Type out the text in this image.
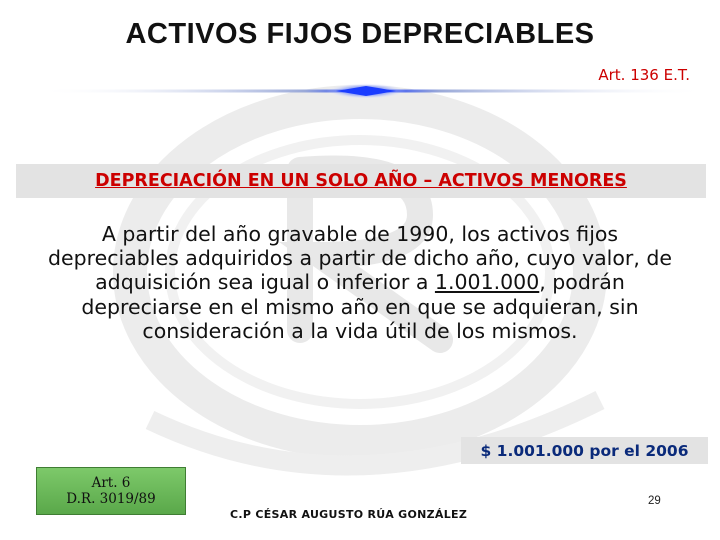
ACTIVOS FIJOS DEPRECIABLES
Art. 136 E.T.
DEPRECIACIÓN EN UN SOLO AÑO – ACTIVOS MENORES
A partir del año gravable de 1990, los activos fijos depreciables adquiridos a partir de dicho año, cuyo valor, de adquisición sea igual o inferior a 1.001.000, podrán depreciarse en el mismo año en que se adquieran, sin consideración a la vida útil de los mismos.
$ 1.001.000 por el 2006
Art. 6
D.R. 3019/89
C.P CÉSAR AUGUSTO RÚA GONZÁLEZ
29
